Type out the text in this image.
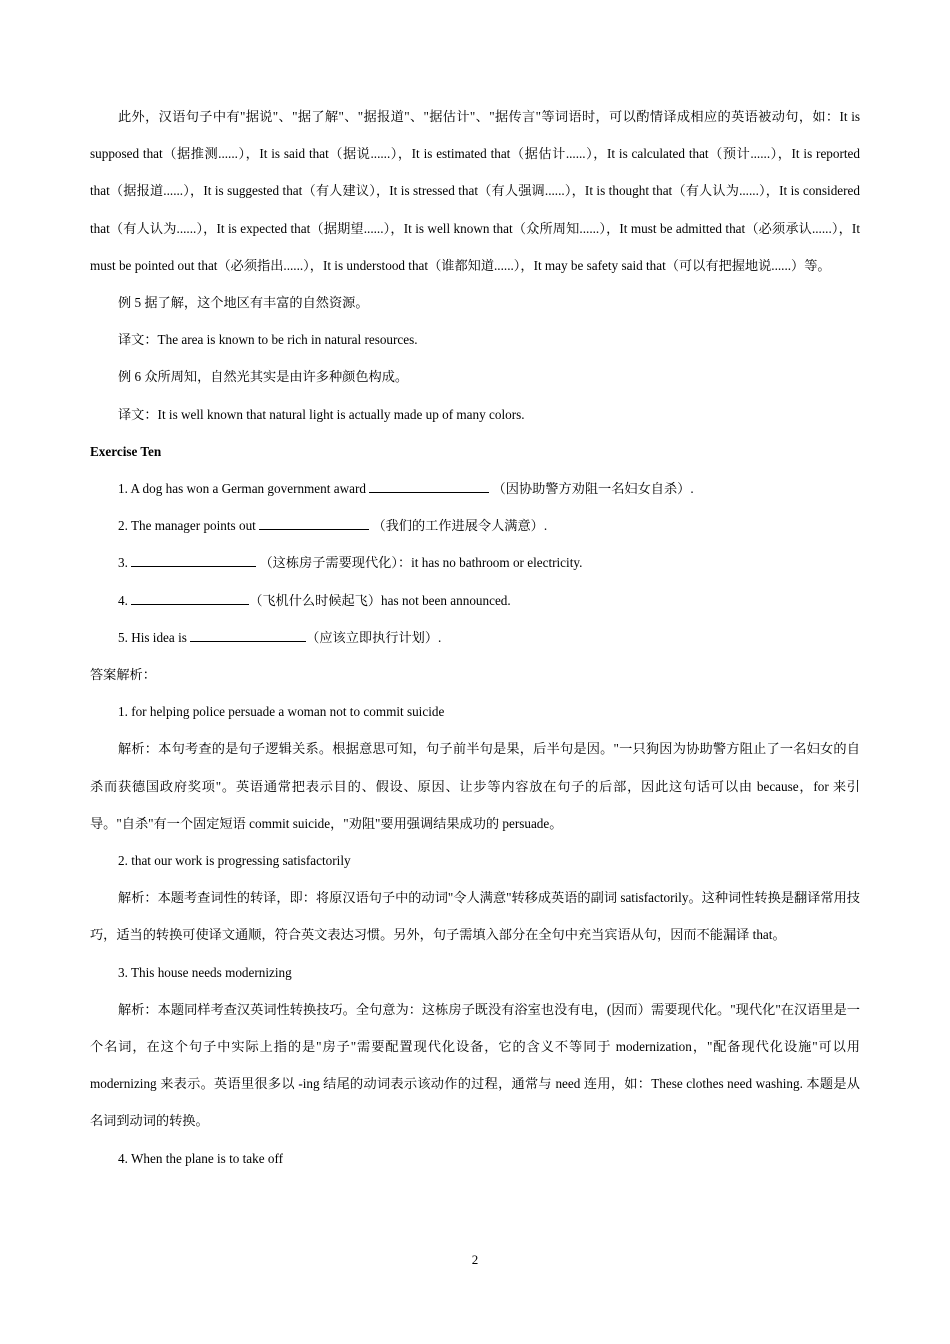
此外，汉语句子中有"据说"、"据了解"、"据报道"、"据估计"、"据传言"等词语时，可以酌情译成相应的英语被动句，如：It is supposed that（据推测......），It is said that（据说......），It is estimated that（据估计......），It is calculated that（预计......），It is reported that（据报道......），It is suggested that（有人建议），It is stressed that（有人强调......），It is thought that（有人认为......），It is considered that（有人认为......），It is expected that（据期望......），It is well known that（众所周知......），It must be admitted that（必须承认......），It must be pointed out that（必须指出......），It is understood that（谁都知道......），It may be safety said that（可以有把握地说......）等。

例 5 据了解，这个地区有丰富的自然资源。

译文：The area is known to be rich in natural resources.

例 6 众所周知，自然光其实是由许多种颜色构成。

译文：It is well known that natural light is actually made up of many colors.

Exercise Ten

1. A dog has won a German government award	（因协助警方劝阻一名妇女自杀）.

2. The manager points out	（我们的工作进展令人满意）.

3.	（这栋房子需要现代化）：it has no bathroom or electricity.

4.	（飞机什么时候起飞）has not been announced.

5. His idea is	（应该立即执行计划）.

答案解析：

1. for helping police persuade a woman not to commit suicide

解析：本句考查的是句子逻辑关系。根据意思可知，句子前半句是果，后半句是因。"一只狗因为协助警方阻止了一名妇女的自杀而获德国政府奖项"。英语通常把表示目的、假设、原因、让步等内容放在句子的后部，因此这句话可以由 because，for 来引导。"自杀"有一个固定短语 commit suicide，"劝阻"要用强调结果成功的 persuade。

2. that our work is progressing satisfactorily

解析：本题考查词性的转译，即：将原汉语句子中的动词"令人满意"转移成英语的副词 satisfactorily。这种词性转换是翻译常用技巧，适当的转换可使译文通顺，符合英文表达习惯。另外，句子需填入部分在全句中充当宾语从句，因而不能漏译 that。

3. This house needs modernizing

解析：本题同样考查汉英词性转换技巧。全句意为：这栋房子既没有浴室也没有电，(因而）需要现代化。"现代化"在汉语里是一个名词，在这个句子中实际上指的是"房子"需要配置现代化设备，它的含义不等同于 modernization，"配备现代化设施"可以用 modernizing 来表示。英语里很多以 -ing 结尾的动词表示该动作的过程，通常与 need 连用，如：These clothes need washing. 本题是从名词到动词的转换。

4. When the plane is to take off

2
